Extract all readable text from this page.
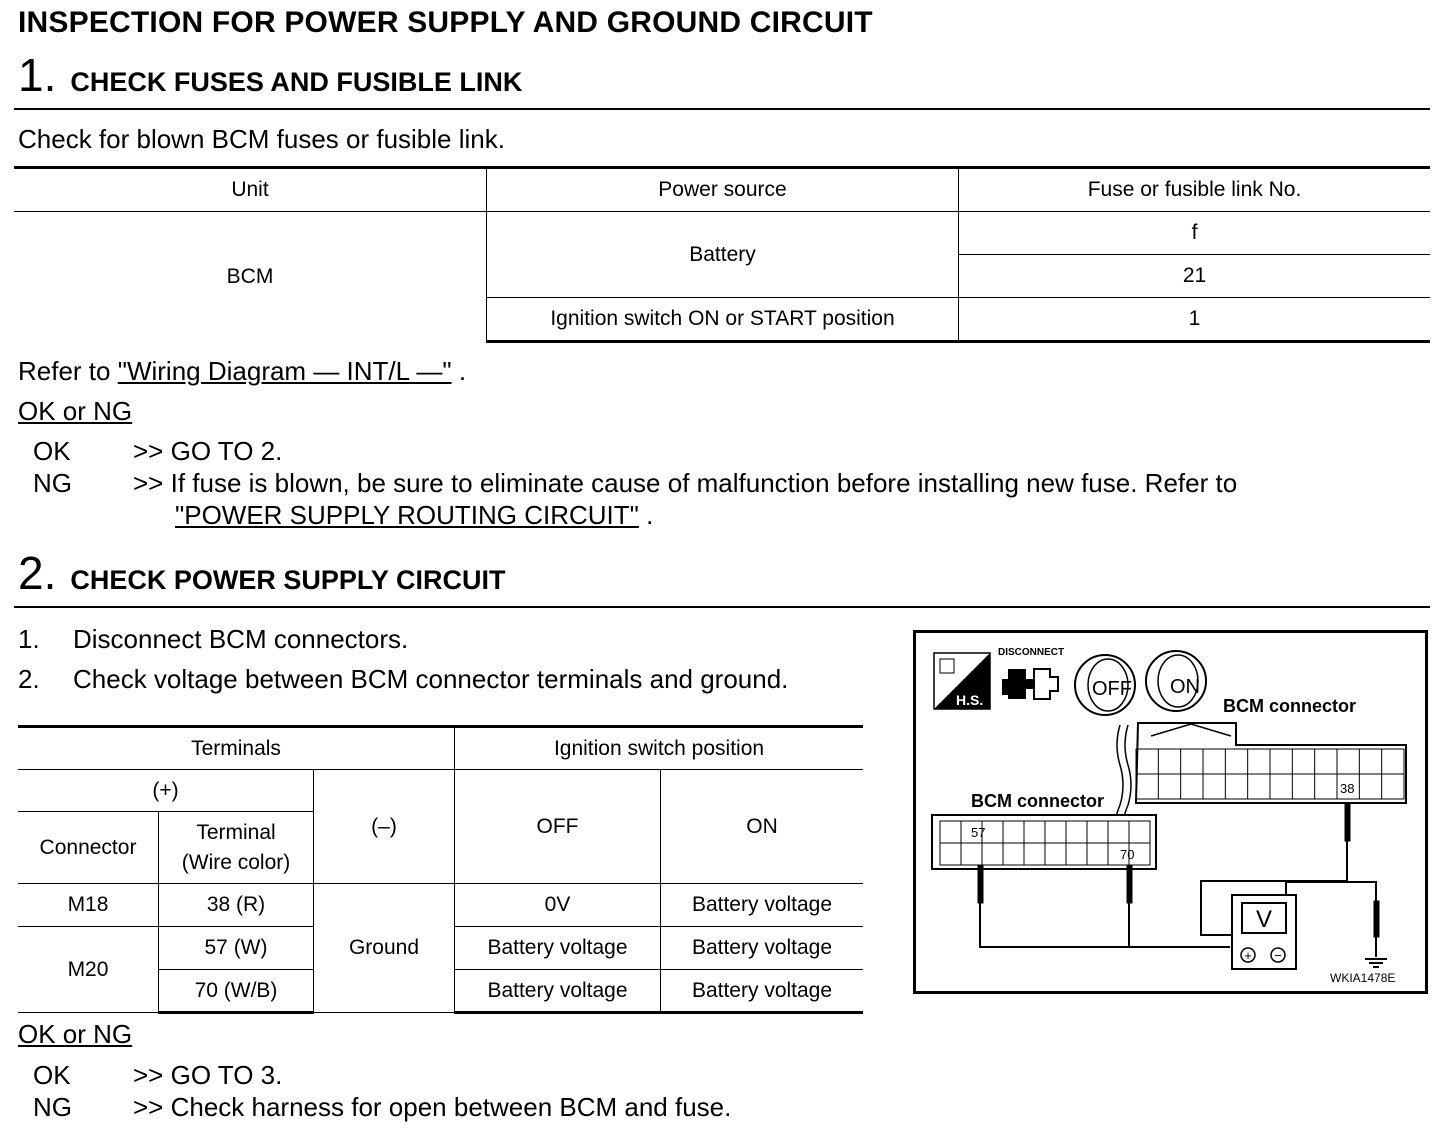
INSPECTION FOR POWER SUPPLY AND GROUND CIRCUIT
1 . CHECK FUSES AND FUSIBLE LINK
Check for blown BCM fuses or fusible link.
Unit	Power source	Fuse or fusible link No.
BCM	Battery	f
		21
	Ignition switch ON or START position	1
Refer to "Wiring Diagram — INT/L —" .
OK or NG
OK >> GO TO 2.
NG >> If fuse is blown, be sure to eliminate cause of malfunction before installing new fuse. Refer to
"POWER SUPPLY ROUTING CIRCUIT" .
2 . CHECK POWER SUPPLY CIRCUIT
1. Disconnect BCM connectors.
2. Check voltage between BCM connector terminals and ground.
Terminals			Ignition switch position	
(+)		(–)	OFF	ON
Connector	Terminal
(Wire color)			

M18	38 (R)	Ground	0V	Battery voltage
M20	57 (W)		Battery voltage	Battery voltage
	70 (W/B)		Battery voltage	Battery voltage
OK or NG
OK >> GO TO 3.
NG >> Check harness for open between BCM and fuse.
H.S.
DISCONNECT
OFF ON
BCM connector
38
BCM connector
57
70
V
+ −
WKIA1478E
